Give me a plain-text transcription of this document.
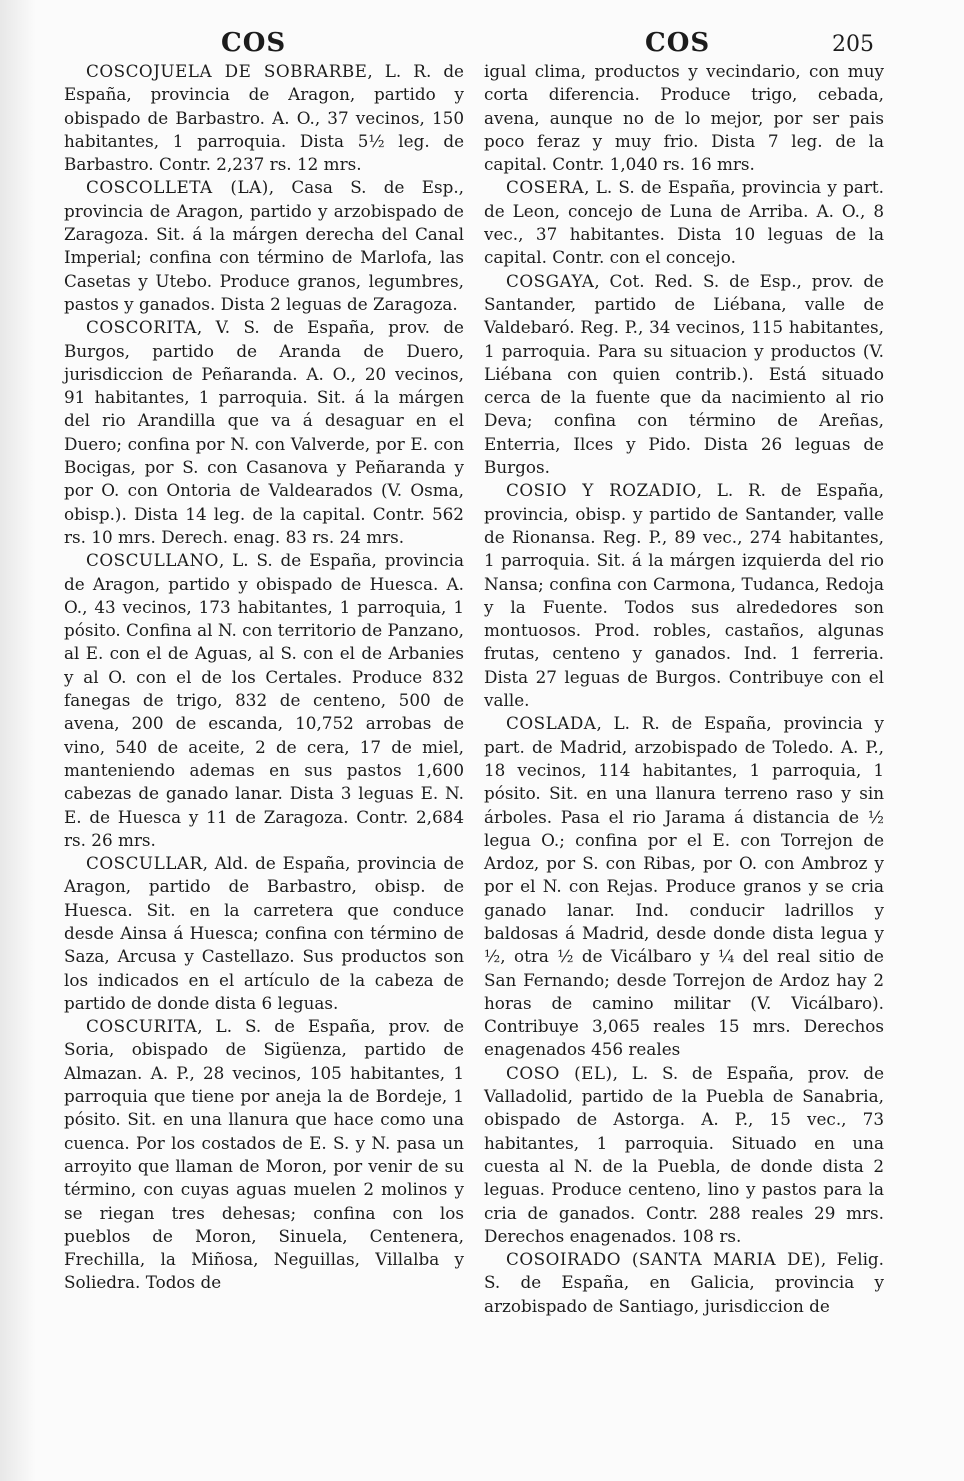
COS	COS	205

COSCOJUELA DE SOBRARBE, L. R. de España, provincia de Aragon, partido y obispado de Barbastro. A. O., 37 vecinos, 150 habitantes, 1 parroquia. Dista 5½ leg. de Barbastro. Contr. 2,237 rs. 12 mrs.

COSCOLLETA (LA), Casa S. de Esp., provincia de Aragon, partido y arzobispado de Zaragoza. Sit. á la márgen derecha del Canal Imperial; confina con término de Marlofa, las Casetas y Utebo. Produce granos, legumbres, pastos y ganados. Dista 2 leguas de Zaragoza.

COSCORITA, V. S. de España, prov. de Burgos, partido de Aranda de Duero, jurisdiccion de Peñaranda. A. O., 20 vecinos, 91 habitantes, 1 parroquia. Sit. á la márgen del rio Arandilla que va á desaguar en el Duero; confina por N. con Valverde, por E. con Bocigas, por S. con Casanova y Peñaranda y por O. con Ontoria de Valdearados (V. Osma, obisp.). Dista 14 leg. de la capital. Contr. 562 rs. 10 mrs. Derech. enag. 83 rs. 24 mrs.

COSCULLANO, L. S. de España, provincia de Aragon, partido y obispado de Huesca. A. O., 43 vecinos, 173 habitantes, 1 parroquia, 1 pósito. Confina al N. con territorio de Panzano, al E. con el de Aguas, al S. con el de Arbanies y al O. con el de los Certales. Produce 832 fanegas de trigo, 832 de centeno, 500 de avena, 200 de escanda, 10,752 arrobas de vino, 540 de aceite, 2 de cera, 17 de miel, manteniendo ademas en sus pastos 1,600 cabezas de ganado lanar. Dista 3 leguas E. N. E. de Huesca y 11 de Zaragoza. Contr. 2,684 rs. 26 mrs.

COSCULLAR, Ald. de España, provincia de Aragon, partido de Barbastro, obisp. de Huesca. Sit. en la carretera que conduce desde Ainsa á Huesca; confina con término de Saza, Arcusa y Castellazo. Sus productos son los indicados en el artículo de la cabeza de partido de donde dista 6 leguas.

COSCURITA, L. S. de España, prov. de Soria, obispado de Sigüenza, partido de Almazan. A. P., 28 vecinos, 105 habitantes, 1 parroquia que tiene por aneja la de Bordeje, 1 pósito. Sit. en una llanura que hace como una cuenca. Por los costados de E. S. y N. pasa un arroyito que llaman de Moron, por venir de su término, con cuyas aguas muelen 2 molinos y se riegan tres dehesas; confina con los pueblos de Moron, Sinuela, Centenera, Frechilla, la Miñosa, Neguillas, Villalba y Soliedra. Todos de

igual clima, productos y vecindario, con muy corta diferencia. Produce trigo, cebada, avena, aunque no de lo mejor, por ser pais poco feraz y muy frio. Dista 7 leg. de la capital. Contr. 1,040 rs. 16 mrs.

COSERA, L. S. de España, provincia y part. de Leon, concejo de Luna de Arriba. A. O., 8 vec., 37 habitantes. Dista 10 leguas de la capital. Contr. con el concejo.

COSGAYA, Cot. Red. S. de Esp., prov. de Santander, partido de Liébana, valle de Valdebaró. Reg. P., 34 vecinos, 115 habitantes, 1 parroquia. Para su situacion y productos (V. Liébana con quien contrib.). Está situado cerca de la fuente que da nacimiento al rio Deva; confina con término de Areñas, Enterria, Ilces y Pido. Dista 26 leguas de Burgos.

COSIO Y ROZADIO, L. R. de España, provincia, obisp. y partido de Santander, valle de Rionansa. Reg. P., 89 vec., 274 habitantes, 1 parroquia. Sit. á la márgen izquierda del rio Nansa; confina con Carmona, Tudanca, Redoja y la Fuente. Todos sus alrededores son montuosos. Prod. robles, castaños, algunas frutas, centeno y ganados. Ind. 1 ferreria. Dista 27 leguas de Burgos. Contribuye con el valle.

COSLADA, L. R. de España, provincia y part. de Madrid, arzobispado de Toledo. A. P., 18 vecinos, 114 habitantes, 1 parroquia, 1 pósito. Sit. en una llanura terreno raso y sin árboles. Pasa el rio Jarama á distancia de ½ legua O.; confina por el E. con Torrejon de Ardoz, por S. con Ribas, por O. con Ambroz y por el N. con Rejas. Produce granos y se cria ganado lanar. Ind. conducir ladrillos y baldosas á Madrid, desde donde dista legua y ½, otra ½ de Vicálbaro y ¼ del real sitio de San Fernando; desde Torrejon de Ardoz hay 2 horas de camino militar (V. Vicálbaro). Contribuye 3,065 reales 15 mrs. Derechos enagenados 456 reales

COSO (EL), L. S. de España, prov. de Valladolid, partido de la Puebla de Sanabria, obispado de Astorga. A. P., 15 vec., 73 habitantes, 1 parroquia. Situado en una cuesta al N. de la Puebla, de donde dista 2 leguas. Produce centeno, lino y pastos para la cria de ganados. Contr. 288 reales 29 mrs. Derechos enagenados. 108 rs.

COSOIRADO (SANTA MARIA DE), Felig. S. de España, en Galicia, provincia y arzobispado de Santiago, jurisdiccion de
